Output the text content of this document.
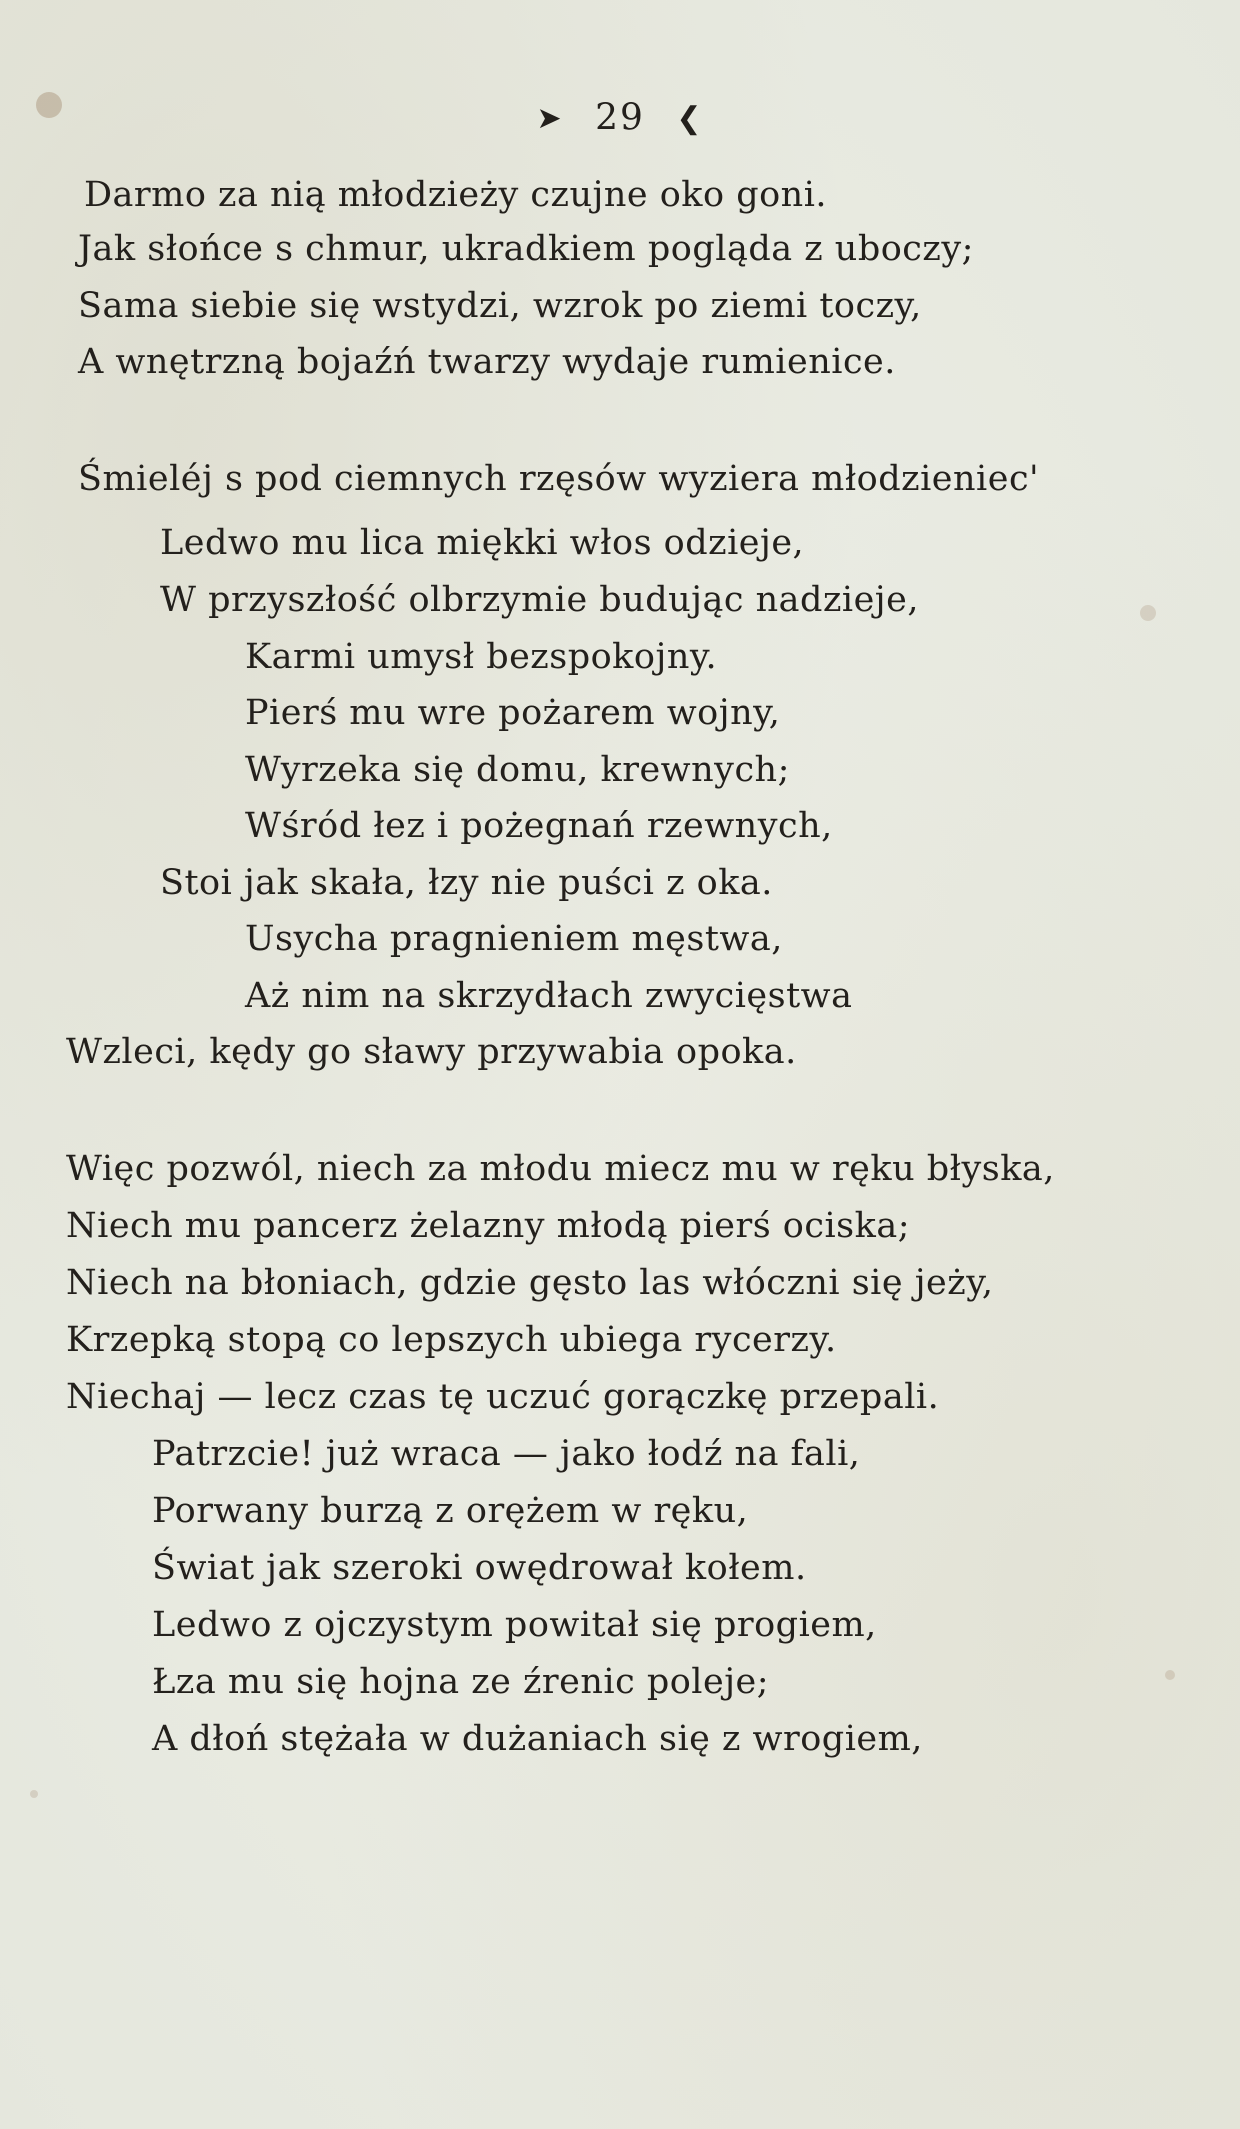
➤ 29 ❮
Darmo za nią młodzieży czujne oko goni.
Jak słońce s chmur, ukradkiem pogląda z uboczy;
Sama siebie się wstydzi, wzrok po ziemi toczy,
A wnętrzną bojaźń twarzy wydaje rumienice.
Śmieléj s pod ciemnych rzęsów wyziera młodzieniec'
Ledwo mu lica miękki włos odzieje,
W przyszłość olbrzymie budując nadzieje,
Karmi umysł bezspokojny.
Pierś mu wre pożarem wojny,
Wyrzeka się domu, krewnych;
Wśród łez i pożegnań rzewnych,
Stoi jak skała, łzy nie puści z oka.
Usycha pragnieniem męstwa,
Aż nim na skrzydłach zwycięstwa
Wzleci, kędy go sławy przywabia opoka.
Więc pozwól, niech za młodu miecz mu w ręku błyska,
Niech mu pancerz żelazny młodą pierś ociska;
Niech na błoniach, gdzie gęsto las włóczni się jeży,
Krzepką stopą co lepszych ubiega rycerzy.
Niechaj — lecz czas tę uczuć gorączkę przepali.
Patrzcie! już wraca — jako łodź na fali,
Porwany burzą z orężem w ręku,
Świat jak szeroki owędrował kołem.
Ledwo z ojczystym powitał się progiem,
Łza mu się hojna ze źrenic poleje;
A dłoń stężała w dużaniach się z wrogiem,
